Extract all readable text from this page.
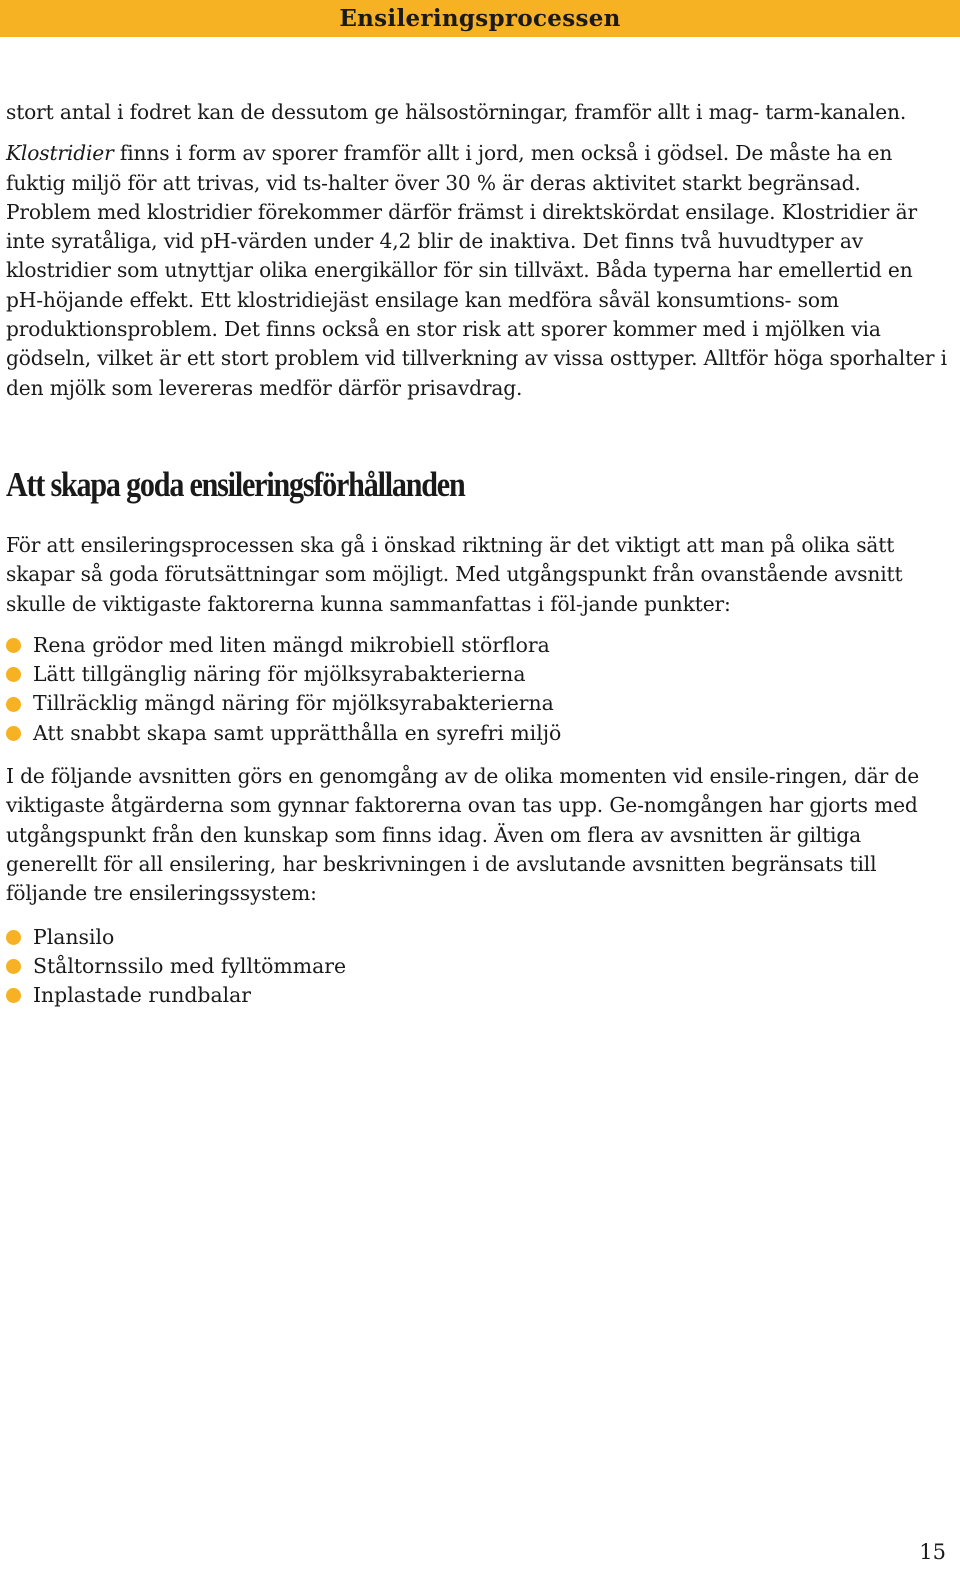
Ensileringsprocessen

stort antal i fodret kan de dessutom ge hälsostörningar, framför allt i mag- tarm-kanalen.

Klostridier finns i form av sporer framför allt i jord, men också i gödsel. De måste ha en fuktig miljö för att trivas, vid ts-halter över 30 % är deras aktivitet starkt begränsad. Problem med klostridier förekommer därför främst i direktskördat ensilage. Klostridier är inte syratåliga, vid pH-värden under 4,2 blir de inaktiva. Det finns två huvudtyper av klostridier som utnyttjar olika energikällor för sin tillväxt. Båda typerna har emellertid en pH-höjande effekt. Ett klostridiejäst ensilage kan medföra såväl konsumtions- som produktionsproblem. Det finns också en stor risk att sporer kommer med i mjölken via gödseln, vilket är ett stort problem vid tillverkning av vissa osttyper. Alltför höga sporhalter i den mjölk som levereras medför därför prisavdrag.

Att skapa goda ensileringsförhållanden

För att ensileringsprocessen ska gå i önskad riktning är det viktigt att man på olika sätt skapar så goda förutsättningar som möjligt. Med utgångspunkt från ovanstående avsnitt skulle de viktigaste faktorerna kunna sammanfattas i föl-jande punkter:

Rena grödor med liten mängd mikrobiell störflora
Lätt tillgänglig näring för mjölksyrabakterierna
Tillräcklig mängd näring för mjölksyrabakterierna
Att snabbt skapa samt upprätthålla en syrefri miljö

I de följande avsnitten görs en genomgång av de olika momenten vid ensile-ringen, där de viktigaste åtgärderna som gynnar faktorerna ovan tas upp. Ge-nomgången har gjorts med utgångspunkt från den kunskap som finns idag. Även om flera av avsnitten är giltiga generellt för all ensilering, har beskrivningen i de avslutande avsnitten begränsats till följande tre ensileringssystem:

Plansilo
Ståltornssilo med fylltömmare
Inplastade rundbalar
15
